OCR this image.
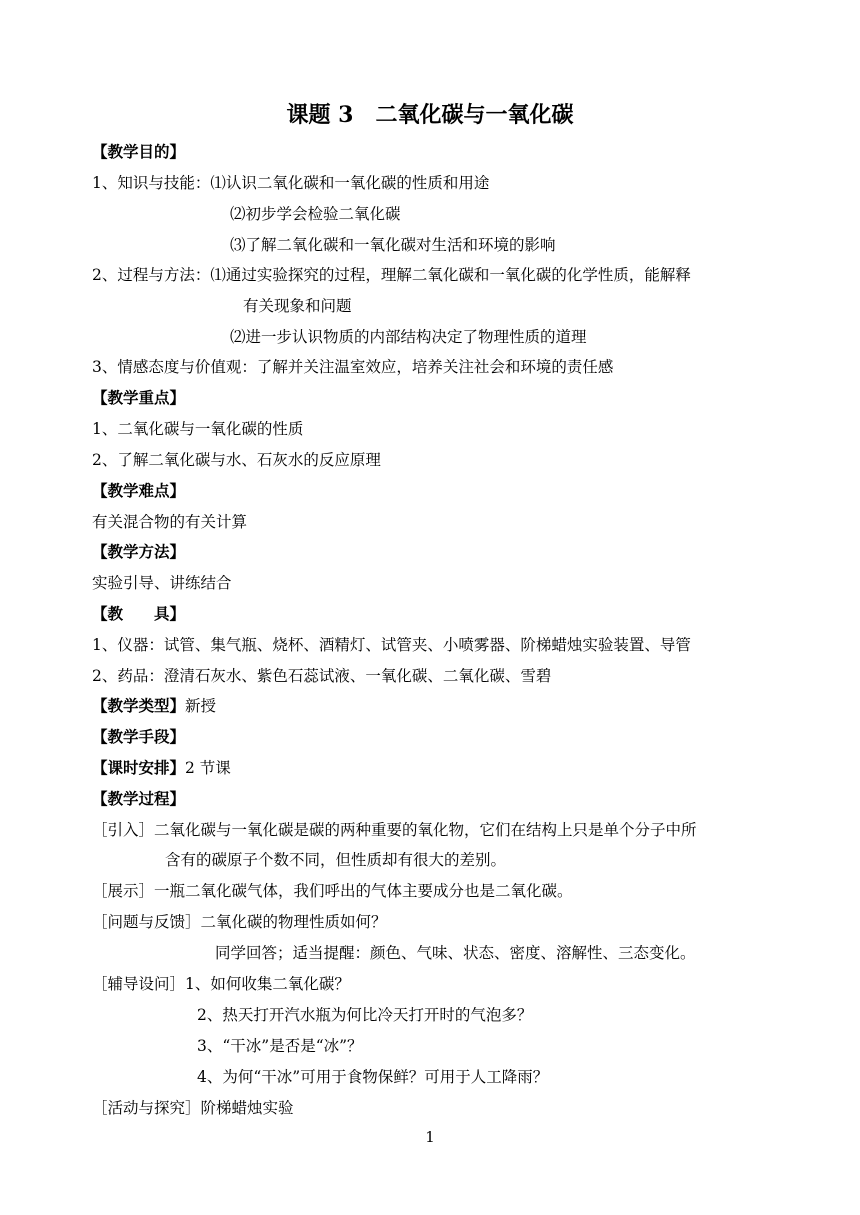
课题 3　二氧化碳与一氧化碳
【教学目的】
1、知识与技能：⑴认识二氧化碳和一氧化碳的性质和用途
⑵初步学会检验二氧化碳
⑶了解二氧化碳和一氧化碳对生活和环境的影响
2、过程与方法：⑴通过实验探究的过程，理解二氧化碳和一氧化碳的化学性质，能解释
有关现象和问题
⑵进一步认识物质的内部结构决定了物理性质的道理
3、情感态度与价值观：了解并关注温室效应，培养关注社会和环境的责任感
【教学重点】
1、二氧化碳与一氧化碳的性质
2、了解二氧化碳与水、石灰水的反应原理
【教学难点】
有关混合物的有关计算
【教学方法】
实验引导、讲练结合
【教　　具】
1、仪器：试管、集气瓶、烧杯、酒精灯、试管夹、小喷雾器、阶梯蜡烛实验装置、导管
2、药品：澄清石灰水、紫色石蕊试液、一氧化碳、二氧化碳、雪碧
【教学类型】新授
【教学手段】
【课时安排】2 节课
【教学过程】
［引入］二氧化碳与一氧化碳是碳的两种重要的氧化物，它们在结构上只是单个分子中所
含有的碳原子个数不同，但性质却有很大的差别。
［展示］一瓶二氧化碳气体，我们呼出的气体主要成分也是二氧化碳。
［问题与反馈］二氧化碳的物理性质如何？
同学回答；适当提醒：颜色、气味、状态、密度、溶解性、三态变化。
［辅导设问］1、如何收集二氧化碳？
2、热天打开汽水瓶为何比冷天打开时的气泡多？
3、“干冰”是否是“冰”？
4、为何“干冰”可用于食物保鲜？可用于人工降雨？
［活动与探究］阶梯蜡烛实验
1
